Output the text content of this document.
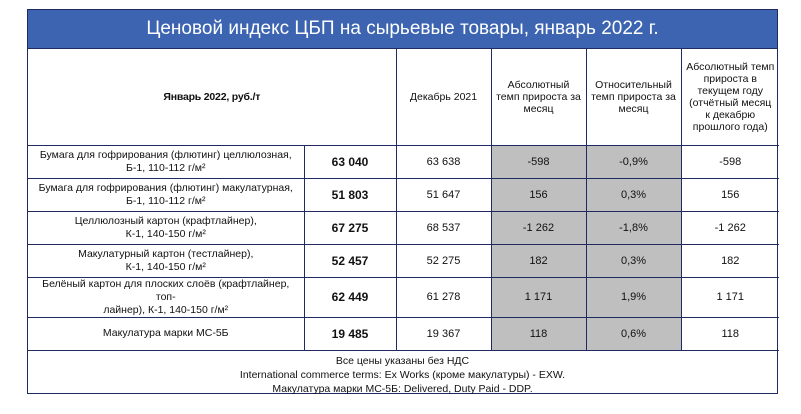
Ценовой индекс ЦБП на сырьевые товары, январь 2022 г.
Январь 2022, руб./т		Декабрь 2021	Абсолютный темп прироста за месяц	Относительный темп прироста за месяц	Абсолютный темп прироста в текущем году (отчётный месяц к декабрю прошлого года)
Бумага для гофрирования (флютинг) целлюлозная,
Б-1, 110-112 г/м²	63 040	63 638	-598	-0,9%	-598
Бумага для гофрирования (флютинг) макулатурная,
Б-1, 110-112 г/м²	51 803	51 647	156	0,3%	156
Целлюлозный картон (крафтлайнер),
К-1, 140-150 г/м²	67 275	68 537	-1 262	-1,8%	-1 262
Макулатурный картон (тестлайнер),
К-1, 140-150 г/м²	52 457	52 275	182	0,3%	182
Белёный картон для плоских слоёв (крафтлайнер, топ-
лайнер), К-1, 140-150 г/м²	62 449	61 278	1 171	1,9%	1 171
Макулатура марки МС-5Б	19 485	19 367	118	0,6%	118
Все цены указаны без НДС
International commerce terms: Ex Works (кроме макулатуры) - EXW.
Макулатура марки МС-5Б: Delivered, Duty Paid - DDP.
